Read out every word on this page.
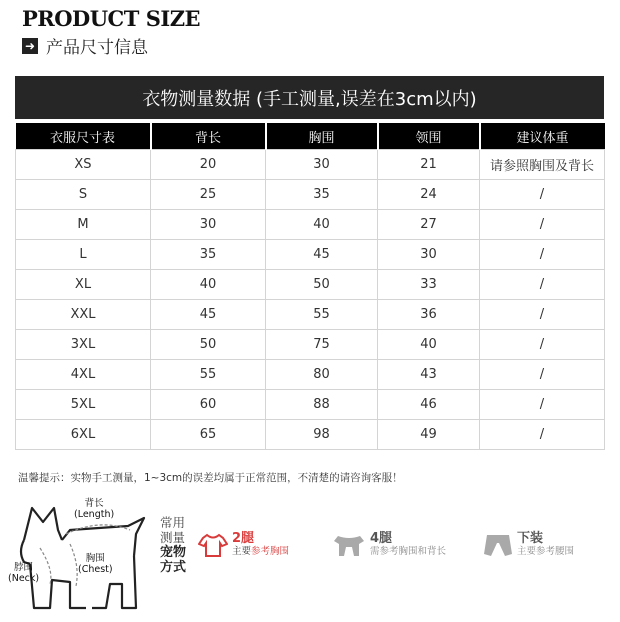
PRODUCT SIZE
➜ 产品尺寸信息
衣物测量数据 (手工测量,误差在3cm以内)
衣服尺寸表	背长	胸围	领围	建议体重
XS	20	30	21	请参照胸围及背长
S	25	35	24	/
M	30	40	27	/
L	35	45	30	/
XL	40	50	33	/
XXL	45	55	36	/
3XL	50	75	40	/
4XL	55	80	43	/
5XL	60	88	46	/
6XL	65	98	49	/
温馨提示：实物手工测量，1~3cm的误差均属于正常范围，不清楚的请咨询客服！
背长
(Length)
胸围
(Chest)
脖围
(Neck)
常用
测量
宠物
方式
2腿
主要参考胸围
4腿
需参考胸围和背长
下装
主要参考腰围
